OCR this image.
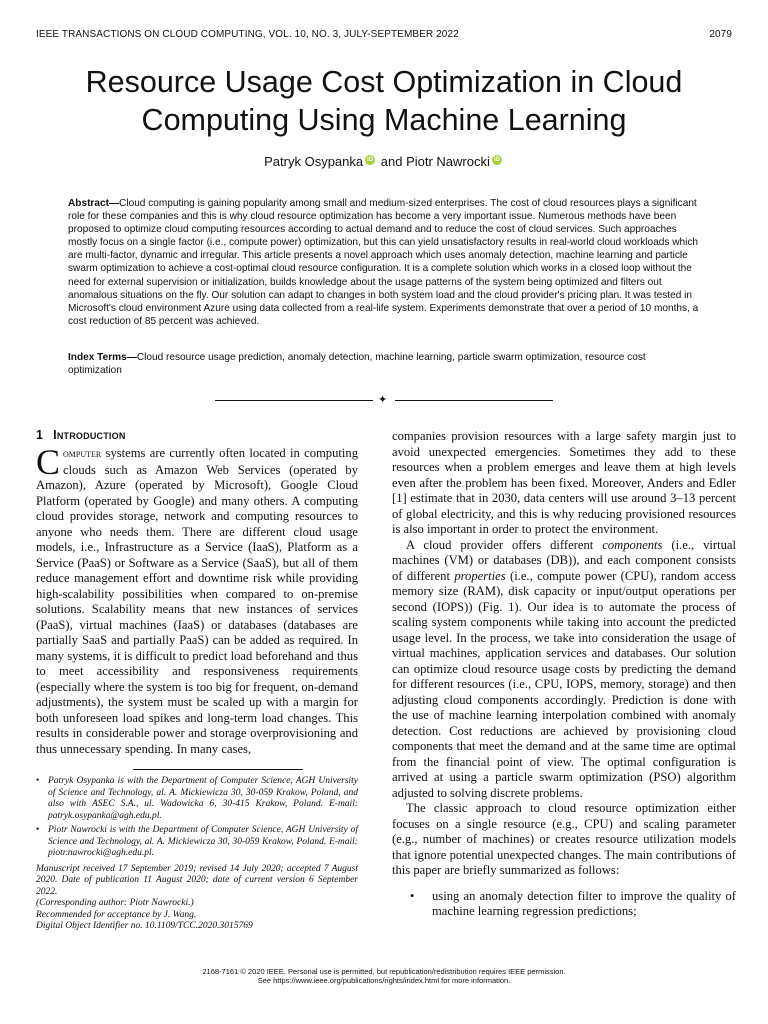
IEEE TRANSACTIONS ON CLOUD COMPUTING, VOL. 10, NO. 3, JULY-SEPTEMBER 2022	2079
Resource Usage Cost Optimization in Cloud Computing Using Machine Learning
Patryk Osypanka iD and Piotr Nawrocki iD
Abstract—Cloud computing is gaining popularity among small and medium-sized enterprises. The cost of cloud resources plays a significant role for these companies and this is why cloud resource optimization has become a very important issue. Numerous methods have been proposed to optimize cloud computing resources according to actual demand and to reduce the cost of cloud services. Such approaches mostly focus on a single factor (i.e., compute power) optimization, but this can yield unsatisfactory results in real-world cloud workloads which are multi-factor, dynamic and irregular. This article presents a novel approach which uses anomaly detection, machine learning and particle swarm optimization to achieve a cost-optimal cloud resource configuration. It is a complete solution which works in a closed loop without the need for external supervision or initialization, builds knowledge about the usage patterns of the system being optimized and filters out anomalous situations on the fly. Our solution can adapt to changes in both system load and the cloud provider's pricing plan. It was tested in Microsoft's cloud environment Azure using data collected from a real-life system. Experiments demonstrate that over a period of 10 months, a cost reduction of 85 percent was achieved.
Index Terms—Cloud resource usage prediction, anomaly detection, machine learning, particle swarm optimization, resource cost optimization
✦
1 Introduction

Computer systems are currently often located in computing clouds such as Amazon Web Services (operated by Amazon), Azure (operated by Microsoft), Google Cloud Platform (operated by Google) and many others. A computing cloud provides storage, network and computing resources to anyone who needs them. There are different cloud usage models, i.e., Infrastructure as a Service (IaaS), Platform as a Service (PaaS) or Software as a Service (SaaS), but all of them reduce management effort and downtime risk while providing high-scalability possibilities when compared to on-premise solutions. Scalability means that new instances of services (PaaS), virtual machines (IaaS) or databases (databases are partially SaaS and partially PaaS) can be added as required. In many systems, it is difficult to predict load beforehand and thus to meet accessibility and responsiveness requirements (especially where the system is too big for frequent, on-demand adjustments), the system must be scaled up with a margin for both unforeseen load spikes and long-term load changes. This results in considerable power and storage overprovisioning and thus unnecessary spending. In many cases,

• Patryk Osypanka is with the Department of Computer Science, AGH University of Science and Technology, al. A. Mickiewicza 30, 30-059 Krakow, Poland, and also with ASEC S.A., ul. Wadowicka 6, 30-415 Krakow, Poland. E-mail: patryk.osypanka@agh.edu.pl.
• Piotr Nawrocki is with the Department of Computer Science, AGH University of Science and Technology, al. A. Mickiewicza 30, 30-059 Krakow, Poland. E-mail: piotr.nawrocki@agh.edu.pl.
Manuscript received 17 September 2019; revised 14 July 2020; accepted 7 August 2020. Date of publication 11 August 2020; date of current version 6 September 2022.
(Corresponding author: Piotr Nawrocki.)
Recommended for acceptance by J. Wang.
Digital Object Identifier no. 10.1109/TCC.2020.3015769

companies provision resources with a large safety margin just to avoid unexpected emergencies. Sometimes they add to these resources when a problem emerges and leave them at high levels even after the problem has been fixed. Moreover, Anders and Edler [1] estimate that in 2030, data centers will use around 3–13 percent of global electricity, and this is why reducing provisioned resources is also important in order to protect the environment.

A cloud provider offers different components (i.e., virtual machines (VM) or databases (DB)), and each component consists of different properties (i.e., compute power (CPU), random access memory size (RAM), disk capacity or input/output operations per second (IOPS)) (Fig. 1). Our idea is to automate the process of scaling system components while taking into account the predicted usage level. In the process, we take into consideration the usage of virtual machines, application services and databases. Our solution can optimize cloud resource usage costs by predicting the demand for different resources (i.e., CPU, IOPS, memory, storage) and then adjusting cloud components accordingly. Prediction is done with the use of machine learning interpolation combined with anomaly detection. Cost reductions are achieved by provisioning cloud components that meet the demand and at the same time are optimal from the financial point of view. The optimal configuration is arrived at using a particle swarm optimization (PSO) algorithm adjusted to solving discrete problems.

The classic approach to cloud resource optimization either focuses on a single resource (e.g., CPU) and scaling parameter (e.g., number of machines) or creates resource utilization models that ignore potential unexpected changes. The main contributions of this paper are briefly summarized as follows:

• using an anomaly detection filter to improve the quality of machine learning regression predictions;
2168-7161 © 2020 IEEE. Personal use is permitted, but republication/redistribution requires IEEE permission.
See https://www.ieee.org/publications/rights/index.html for more information.
